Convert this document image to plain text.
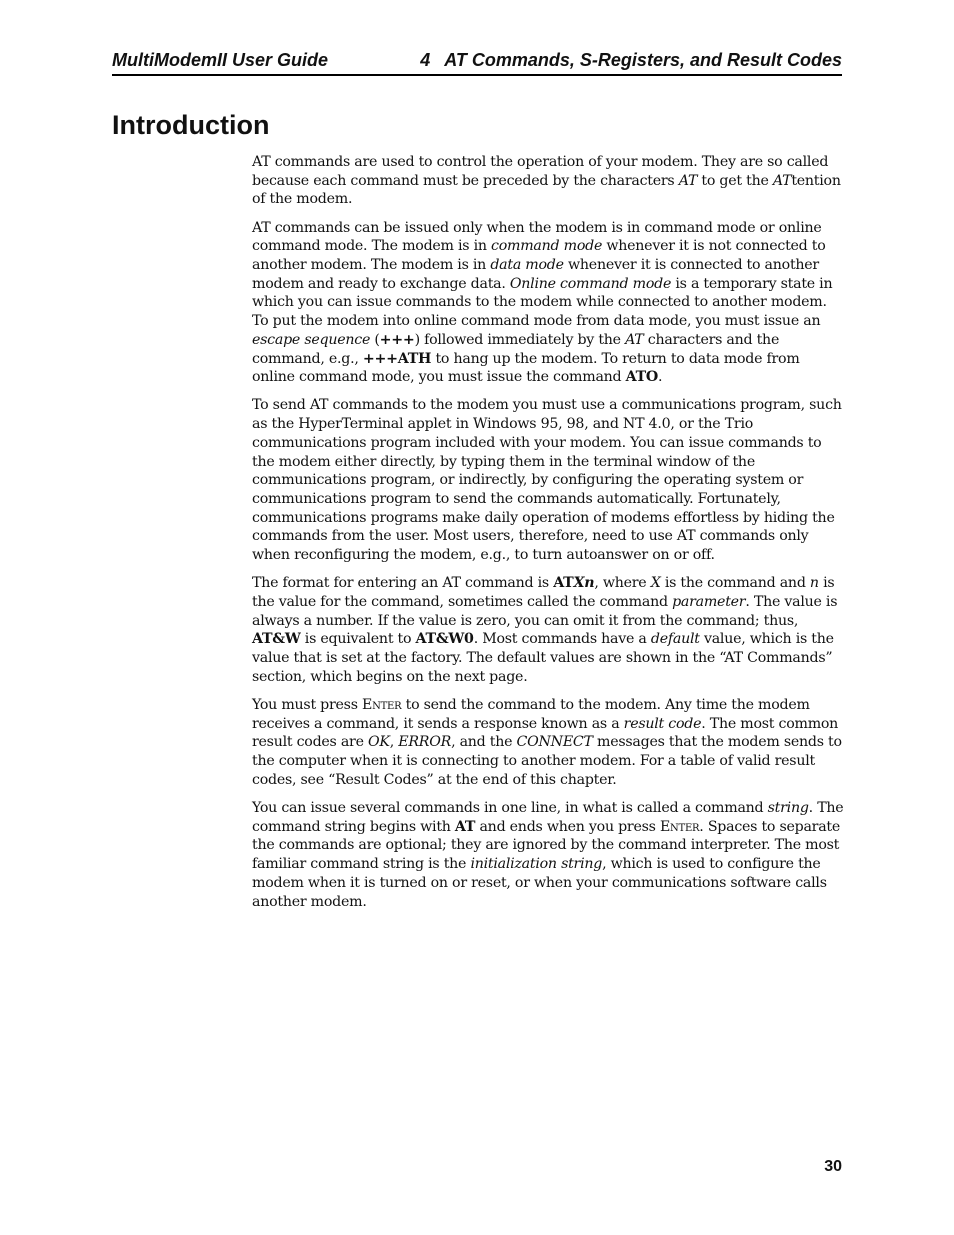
MultiModemII User Guide	4 AT Commands, S-Registers, and Result Codes
Introduction

AT commands are used to control the operation of your modem. They are so called because each command must be preceded by the characters AT to get the ATtention of the modem.

AT commands can be issued only when the modem is in command mode or online command mode. The modem is in command mode whenever it is not connected to another modem. The modem is in data mode whenever it is connected to another modem and ready to exchange data. Online command mode is a temporary state in which you can issue commands to the modem while connected to another modem. To put the modem into online command mode from data mode, you must issue an escape sequence (+++) followed immediately by the AT characters and the command, e.g., +++ATH to hang up the modem. To return to data mode from online command mode, you must issue the command ATO.

To send AT commands to the modem you must use a communications program, such as the HyperTerminal applet in Windows 95, 98, and NT 4.0, or the Trio communications program included with your modem. You can issue commands to the modem either directly, by typing them in the terminal window of the communications program, or indirectly, by configuring the operating system or communications program to send the commands automatically. Fortunately, communications programs make daily operation of modems effortless by hiding the commands from the user. Most users, therefore, need to use AT commands only when reconfiguring the modem, e.g., to turn autoanswer on or off.

The format for entering an AT command is ATXn, where X is the command and n is the value for the command, sometimes called the command parameter. The value is always a number. If the value is zero, you can omit it from the command; thus, AT&W is equivalent to AT&W0. Most commands have a default value, which is the value that is set at the factory. The default values are shown in the “AT Commands” section, which begins on the next page.

You must press Enter to send the command to the modem. Any time the modem receives a command, it sends a response known as a result code. The most common result codes are OK, ERROR, and the CONNECT messages that the modem sends to the computer when it is connecting to another modem. For a table of valid result codes, see “Result Codes” at the end of this chapter.

You can issue several commands in one line, in what is called a command string. The command string begins with AT and ends when you press Enter. Spaces to separate the commands are optional; they are ignored by the command interpreter. The most familiar command string is the initialization string, which is used to configure the modem when it is turned on or reset, or when your communications software calls another modem.

30
